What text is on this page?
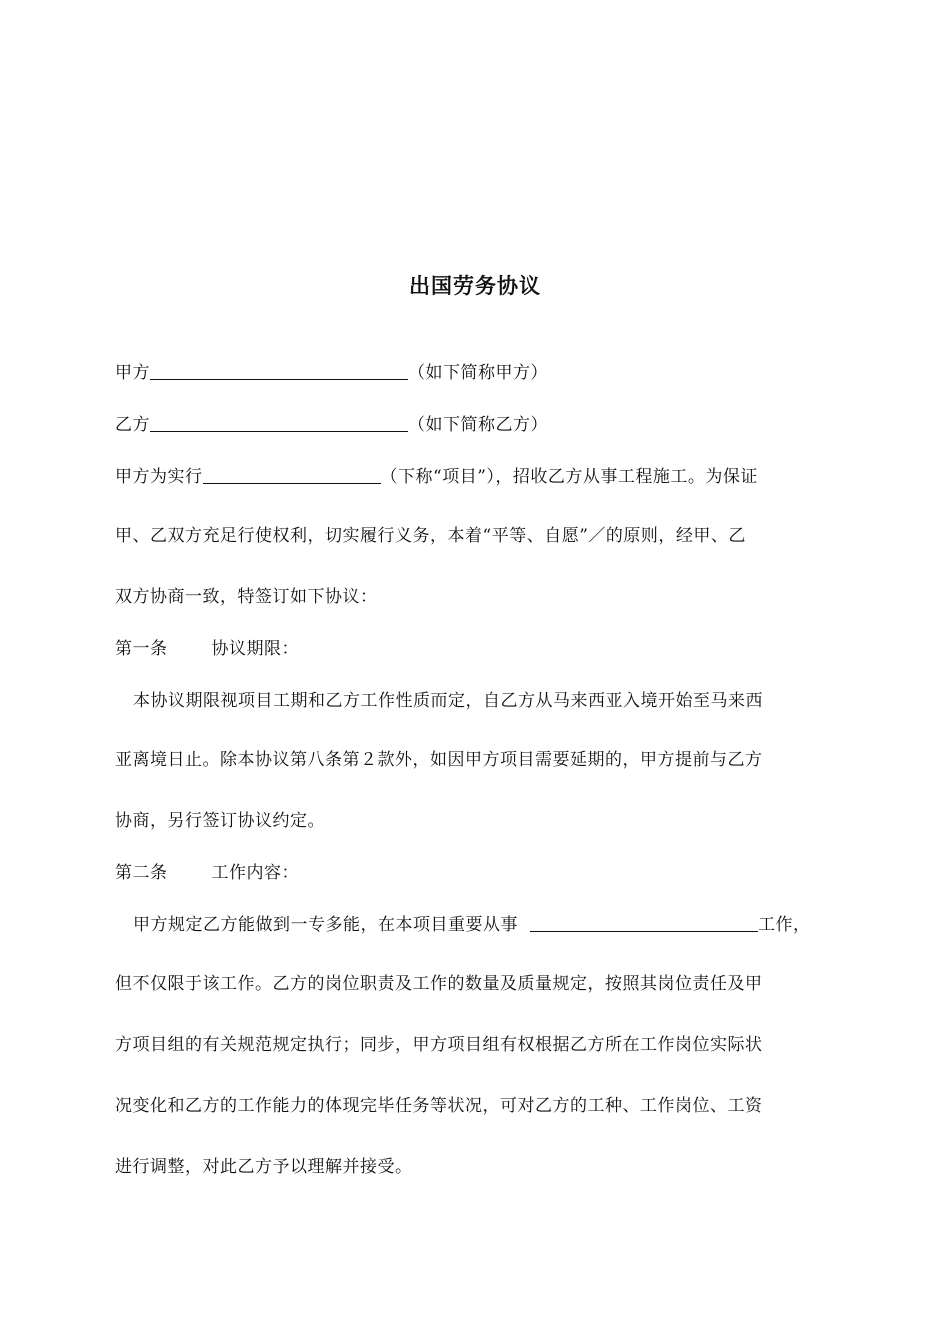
出国劳务协议
甲方	（如下简称甲方）
乙方	（如下简称乙方）
甲方为实行	（下称“项目”），招收乙方从事工程施工。为保证
甲、乙双方充足行使权利，切实履行义务，本着“平等、自愿”／的原则，经甲、乙
双方协商一致，特签订如下协议：
第一条	协议期限：
本协议期限视项目工期和乙方工作性质而定，自乙方从马来西亚入境开始至马来西
亚离境日止。除本协议第八条第２款外，如因甲方项目需要延期的，甲方提前与乙方
协商，另行签订协议约定。
第二条	工作内容：
甲方规定乙方能做到一专多能，在本项目重要从事	工作，
但不仅限于该工作。乙方的岗位职责及工作的数量及质量规定，按照其岗位责任及甲
方项目组的有关规范规定执行；同步，甲方项目组有权根据乙方所在工作岗位实际状
况变化和乙方的工作能力的体现完毕任务等状况，可对乙方的工种、工作岗位、工资
进行调整，对此乙方予以理解并接受。
